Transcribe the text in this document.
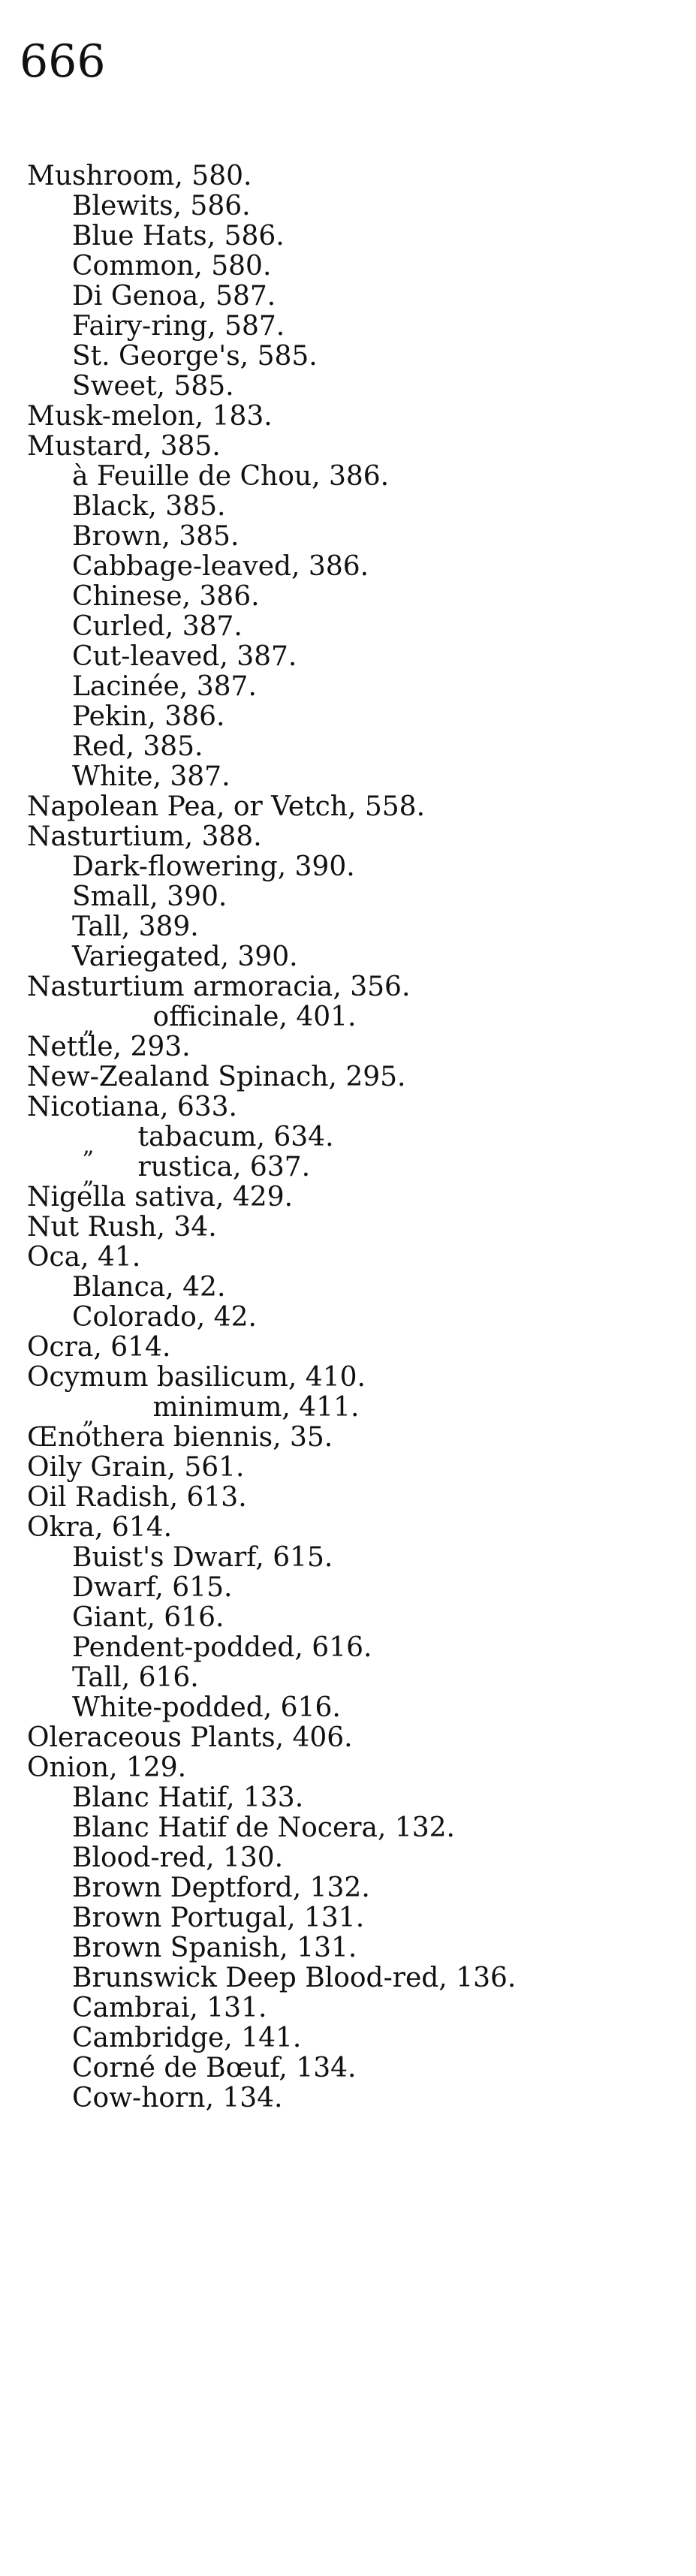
666
Mushroom, 580.
Blewits, 586.
Blue Hats, 586.
Common, 580.
Di Genoa, 587.
Fairy-ring, 587.
St. George's, 585.
Sweet, 585.
Musk-melon, 183.
Mustard, 385.
à Feuille de Chou, 386.
Black, 385.
Brown, 385.
Cabbage-leaved, 386.
Chinese, 386.
Curled, 387.
Cut-leaved, 387.
Lacinée, 387.
Pekin, 386.
Red, 385.
White, 387.
Napolean Pea, or Vetch, 558.
Nasturtium, 388.
Dark-flowering, 390.
Small, 390.
Tall, 389.
Variegated, 390.
Nasturtium armoracia, 356.
„ officinale, 401.
Nettle, 293.
New-Zealand Spinach, 295.
Nicotiana, 633.
„ tabacum, 634.
„ rustica, 637.
Nigella sativa, 429.
Nut Rush, 34.
Oca, 41.
Blanca, 42.
Colorado, 42.
Ocra, 614.
Ocymum basilicum, 410.
„ minimum, 411.
Œnothera biennis, 35.
Oily Grain, 561.
Oil Radish, 613.
Okra, 614.
Buist's Dwarf, 615.
Dwarf, 615.
Giant, 616.
Pendent-podded, 616.
Tall, 616.
White-podded, 616.
Oleraceous Plants, 406.
Onion, 129.
Blanc Hatif, 133.
Blanc Hatif de Nocera, 132.
Blood-red, 130.
Brown Deptford, 132.
Brown Portugal, 131.
Brown Spanish, 131.
Brunswick Deep Blood-red, 136.
Cambrai, 131.
Cambridge, 141.
Corné de Bœuf, 134.
Cow-horn, 134.
